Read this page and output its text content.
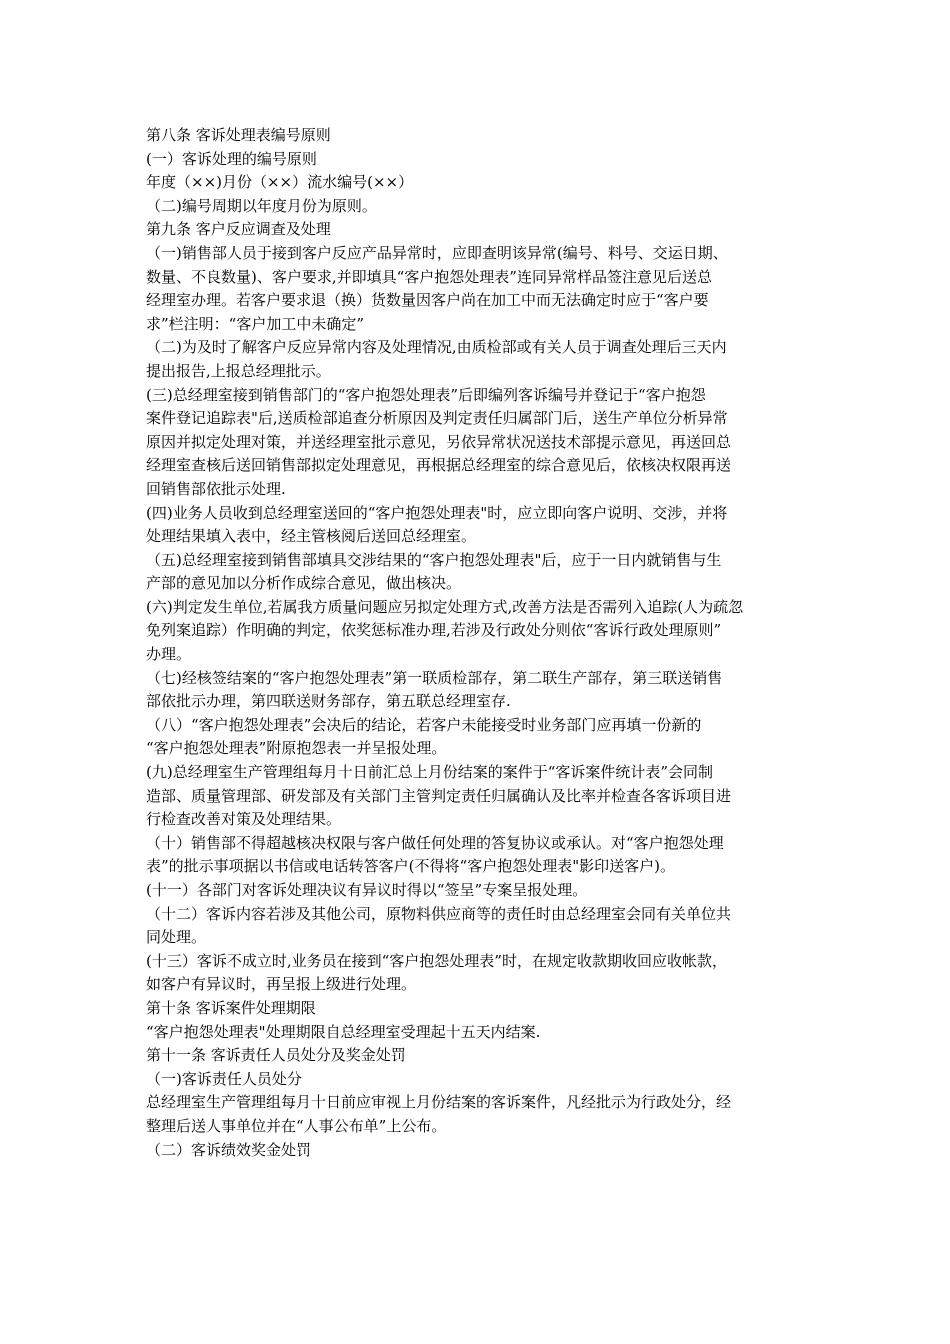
第八条 客诉处理表编号原则
(一）客诉处理的编号原则
年度（××)月份（××）流水编号(××）
（二)编号周期以年度月份为原则。
第九条 客户反应调查及处理
（一)销售部人员于接到客户反应产品异常时，应即查明该异常(编号、料号、交运日期、
数量、不良数量)、客户要求,并即填具“客户抱怨处理表”连同异常样品签注意见后送总
经理室办理。若客户要求退（换）货数量因客户尚在加工中而无法确定时应于“客户要
求”栏注明：“客户加工中未确定”
（二)为及时了解客户反应异常内容及处理情况,由质检部或有关人员于调查处理后三天内
提出报告,上报总经理批示。
(三)总经理室接到销售部门的“客户抱怨处理表”后即编列客诉编号并登记于“客户抱怨
案件登记追踪表"后,送质检部追查分析原因及判定责任归属部门后，送生产单位分析异常
原因并拟定处理对策，并送经理室批示意见，另依异常状况送技术部提示意见，再送回总
经理室查核后送回销售部拟定处理意见，再根据总经理室的综合意见后，依核决权限再送
回销售部依批示处理.
(四)业务人员收到总经理室送回的“客户抱怨处理表"时，应立即向客户说明、交涉，并将
处理结果填入表中，经主管核阅后送回总经理室。
（五)总经理室接到销售部填具交涉结果的“客户抱怨处理表"后，应于一日内就销售与生
产部的意见加以分析作成综合意见，做出核决。
(六)判定发生单位,若属我方质量问题应另拟定处理方式,改善方法是否需列入追踪(人为疏忽
免列案追踪）作明确的判定，依奖惩标准办理,若涉及行政处分则依“客诉行政处理原则”
办理。
（七)经核签结案的“客户抱怨处理表”第一联质检部存，第二联生产部存，第三联送销售
部依批示办理，第四联送财务部存，第五联总经理室存.
（八）“客户抱怨处理表”会决后的结论，若客户未能接受时业务部门应再填一份新的
“客户抱怨处理表”附原抱怨表一并呈报处理。
(九)总经理室生产管理组每月十日前汇总上月份结案的案件于“客诉案件统计表”会同制
造部、质量管理部、研发部及有关部门主管判定责任归属确认及比率并检查各客诉项目进
行检查改善对策及处理结果。
（十）销售部不得超越核决权限与客户做任何处理的答复协议或承认。对“客户抱怨处理
表”的批示事项据以书信或电话转答客户(不得将“客户抱怨处理表"影印送客户)。
(十一）各部门对客诉处理决议有异议时得以“签呈”专案呈报处理。
（十二）客诉内容若涉及其他公司，原物料供应商等的责任时由总经理室会同有关单位共
同处理。
(十三）客诉不成立时,业务员在接到“客户抱怨处理表”时，在规定收款期收回应收帐款，
如客户有异议时，再呈报上级进行处理。
第十条 客诉案件处理期限
“客户抱怨处理表"处理期限自总经理室受理起十五天内结案.
第十一条 客诉责任人员处分及奖金处罚
（一)客诉责任人员处分
总经理室生产管理组每月十日前应审视上月份结案的客诉案件，凡经批示为行政处分，经
整理后送人事单位并在“人事公布单”上公布。
（二）客诉绩效奖金处罚
